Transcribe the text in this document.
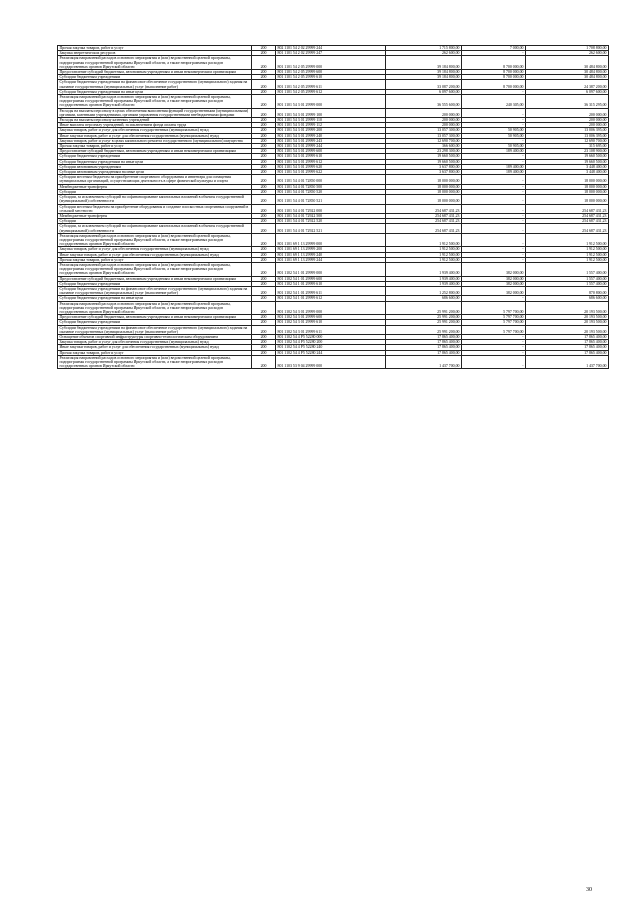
Прочая закупка товаров, работ и услуг	200	802 1101 54 2 02 29999 244	1 715 800,00	7 000,00	1 708 800,00
Закупка энергетических ресурсов	200	801 1101 54 2 02 29999 247	262 600,00	-	262 600,00
Реализация направлений расходов основного мероприятия и (или) ведомственной целевой программы, подпрограммы государственной программы Иркутской области, а также непрограммных расходов государственных органов Иркутской области	200	801 1101 54 2 05 29999 000	39 184 800,00	8 700 000,00	30 484 800,00
Предоставление субсидий бюджетным, автономным учреждениям и иным некоммерческим организациям	200	801 1101 54 2 05 29999 600	39 184 800,00	8 700 000,00	30 484 800,00
Субсидии бюджетным учреждениям	200	801 1101 54 2 05 29999 610	39 184 800,00	8 700 000,00	30 484 800,00
Субсидии бюджетным учреждениям на финансовое обеспечение государственного (муниципального) задания на оказание государственных (муниципальных) услуг (выполнение работ)	200	801 1101 54 2 05 29999 611	33 087 200,00	8 700 000,00	24 387 200,00
Субсидии бюджетным учреждениям на иные цели	200	801 1101 54 2 05 29999 612	6 097 600,00	-	6 097 600,00
Реализация направлений расходов основного мероприятия и (или) ведомственной целевой программы, подпрограммы государственной программы Иркутской области, а также непрограммных расходов государственных органов Иркутской области	200	801 1101 54 3 01 29999 000	36 555 600,00	240 305,00	36 315 295,00
Расходы на выплаты персоналу в целях обеспечения выполнения функций государственными (муниципальными) органами, казенными учреждениями, органами управления государственными внебюджетными фондами	200	801 1101 54 3 01 29999 100	200 000,00	-	200 000,00
Расходы на выплаты персоналу казенных учреждений	200	801 1101 54 3 01 29999 110	200 000,00	-	200 000,00
Иные выплаты персоналу учреждений, за исключением фонда оплаты труда	200	801 1101 54 3 01 29999 112	200 000,00	-	200 000,00
Закупка товаров, работ и услуг для обеспечения государственных (муниципальных) нужд	200	801 1101 54 3 01 29999 200	13 057 300,00	50 905,00	13 006 395,00
Иные закупки товаров, работ и услуг для обеспечения государственных (муниципальных) нужд	200	801 1101 54 3 01 29999 240	13 057 300,00	50 905,00	13 006 395,00
Закупка товаров, работ и услуг в целях капитального ремонта государственного (муниципального) имущества	200	801 1101 54 3 01 29999 243	12 690 700,00	-	12 690 700,00
Прочая закупка товаров, работ и услуг	200	801 1101 54 3 01 29999 244	366 600,00	50 905,00	315 695,00
Предоставление субсидий бюджетным, автономным учреждениям и иным некоммерческим организациям	200	801 1101 54 3 01 29999 600	23 298 300,00	189 400,00	23 108 900,00
Субсидии бюджетным учреждениям	200	801 1101 54 3 01 29999 610	19 660 500,00	-	19 660 500,00
Субсидии бюджетным учреждениям на иные цели	200	801 1101 54 3 01 29999 612	19 660 500,00	-	19 660 500,00
Субсидии автономным учреждениям	200	801 1101 54 3 01 29999 620	3 637 800,00	189 400,00	3 448 400,00
Субсидии автономным учреждениям на иные цели	200	801 1101 54 3 01 29999 622	3 637 800,00	189 400,00	3 448 400,00
Субсидии местным бюджетам на приобретение спортивного оборудования и инвентаря для оснащения муниципальных организаций, осуществляющих деятельность в сфере физической культуры и спорта	200	801 1101 54 4 01 72850 000	18 000 000,00	-	18 000 000,00
Межбюджетные трансферты	200	801 1101 54 4 01 72850 500	18 000 000,00	-	18 000 000,00
Субсидии	200	801 1101 54 4 01 72850 520	18 000 000,00	-	18 000 000,00
Субсидии, за исключением субсидий на софинансирование капитальных вложений в объекты государственной (муниципальной) собственности	200	801 1101 54 4 01 72850 521	18 000 000,00	-	18 000 000,00
Субсидии местным бюджетам на приобретение оборудования и создание плоскостных спортивных сооружений в сельской местности	200	801 1101 54 4 01 72922 000	254 687 431,23	-	254 687 431,23
Межбюджетные трансферты	200	801 1101 54 4 01 72922 500	254 687 431,23	-	254 687 431,23
Субсидии	200	801 1101 54 4 01 72922 520	254 687 431,23	-	254 687 431,23
Субсидии, за исключением субсидий на софинансирование капитальных вложений в объекты государственной (муниципальной) собственности	200	801 1101 54 4 01 72922 521	254 687 431,23	-	254 687 431,23
Реализация направлений расходов основного мероприятия и (или) ведомственной целевой программы, подпрограммы государственной программы Иркутской области, а также непрограммных расходов государственных органов Иркутской области	200	801 1101 69 1 13 29999 000	1 912 500,00	-	1 912 500,00
Закупка товаров, работ и услуг для обеспечения государственных (муниципальных) нужд	200	801 1101 69 1 13 29999 200	1 912 500,00	-	1 912 500,00
Иные закупки товаров, работ и услуг для обеспечения государственных (муниципальных) нужд	200	801 1101 69 1 13 29999 240	1 912 500,00	-	1 912 500,00
Прочая закупка товаров, работ и услуг	200	801 1101 69 1 13 29999 244	1 912 500,00	-	1 912 500,00
Реализация направлений расходов основного мероприятия и (или) ведомственной целевой программы, подпрограммы государственной программы Иркутской области, а также непрограммных расходов государственных органов Иркутской области	200	801 1102 54 1 01 29999 000	1 939 400,00	382 000,00	1 557 400,00
Предоставление субсидий бюджетным, автономным учреждениям и иным некоммерческим организациям	200	801 1102 54 1 01 29999 600	1 939 400,00	382 000,00	1 557 400,00
Субсидии бюджетным учреждениям	200	801 1102 54 1 01 29999 610	1 939 400,00	382 000,00	1 557 400,00
Субсидии бюджетным учреждениям на финансовое обеспечение государственного (муниципального) задания на оказание государственных (муниципальных) услуг (выполнение работ)	200	801 1102 54 1 01 29999 611	1 252 800,00	382 000,00	870 800,00
Субсидии бюджетным учреждениям на иные цели	200	801 1102 54 1 01 29999 612	686 600,00	-	686 600,00
Реализация направлений расходов основного мероприятия и (или) ведомственной целевой программы, подпрограммы государственной программы Иркутской области, а также непрограммных расходов государственных органов Иркутской области	200	801 1102 54 3 01 29999 000	25 991 200,00	5 797 700,00	20 193 500,00
Предоставление субсидий бюджетным, автономным учреждениям и иным некоммерческим организациям	200	801 1102 54 3 01 29999 600	25 991 200,00	5 797 700,00	20 193 500,00
Субсидии бюджетным учреждениям	200	801 1102 54 3 01 29999 610	25 991 200,00	5 797 700,00	20 193 500,00
Субсидии бюджетным учреждениям на финансовое обеспечение государственного (муниципального) задания на оказание государственных (муниципальных) услуг (выполнение работ)	200	801 1102 54 3 01 29999 611	25 991 200,00	5 797 700,00	20 193 500,00
Оснащение объектов спортивной инфраструктуры спортивно-технологическим оборудованием	200	801 1102 54 4 P5 52280 000	17 865 400,00	-	17 865 400,00
Закупка товаров, работ и услуг для обеспечения государственных (муниципальных) нужд	200	801 1102 54 4 P5 52280 200	17 865 400,00	-	17 865 400,00
Иные закупки товаров, работ и услуг для обеспечения государственных (муниципальных) нужд	200	801 1102 54 4 P5 52280 240	17 865 400,00	-	17 865 400,00
Прочая закупка товаров, работ и услуг	200	801 1102 54 4 P5 52280 244	17 865 400,00	-	17 865 400,00
Реализация направлений расходов основного мероприятия и (или) ведомственной целевой программы, подпрограммы государственной программы Иркутской области, а также непрограммных расходов государственных органов Иркутской области	200	801 1103 53 9 04 29999 000	1 437 700,00	-	1 437 700,00
30
